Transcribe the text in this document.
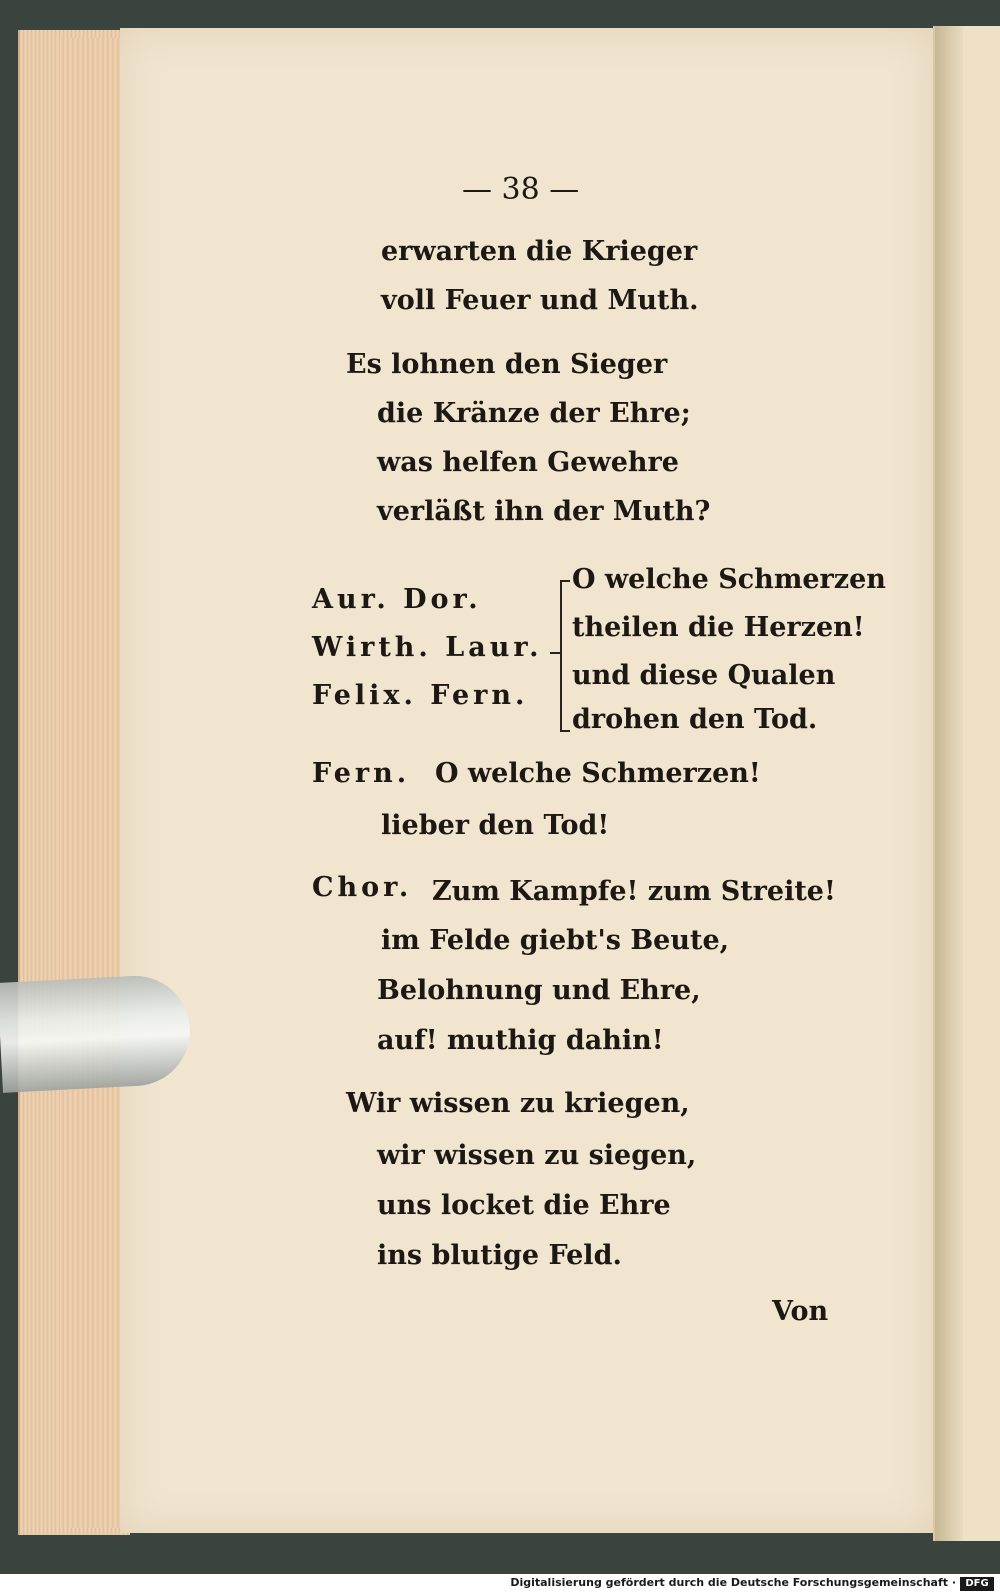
— 38 —
erwarten die Krieger
voll Feuer und Muth.
Es lohnen den Sieger
die Kränze der Ehre;
was helfen Gewehre
verläßt ihn der Muth?
Aur. Dor.
Wirth. Laur.
Felix. Fern.
O welche Schmerzen
theilen die Herzen!
und diese Qualen
drohen den Tod.
Fern. O welche Schmerzen!
lieber den Tod!
Chor. Zum Kampfe! zum Streite!
im Felde giebt's Beute,
Belohnung und Ehre,
auf! muthig dahin!
Wir wissen zu kriegen,
wir wissen zu siegen,
uns locket die Ehre
ins blutige Feld.
Von
Digitalisierung gefördert durch die Deutsche Forschungsgemeinschaft · DFG
